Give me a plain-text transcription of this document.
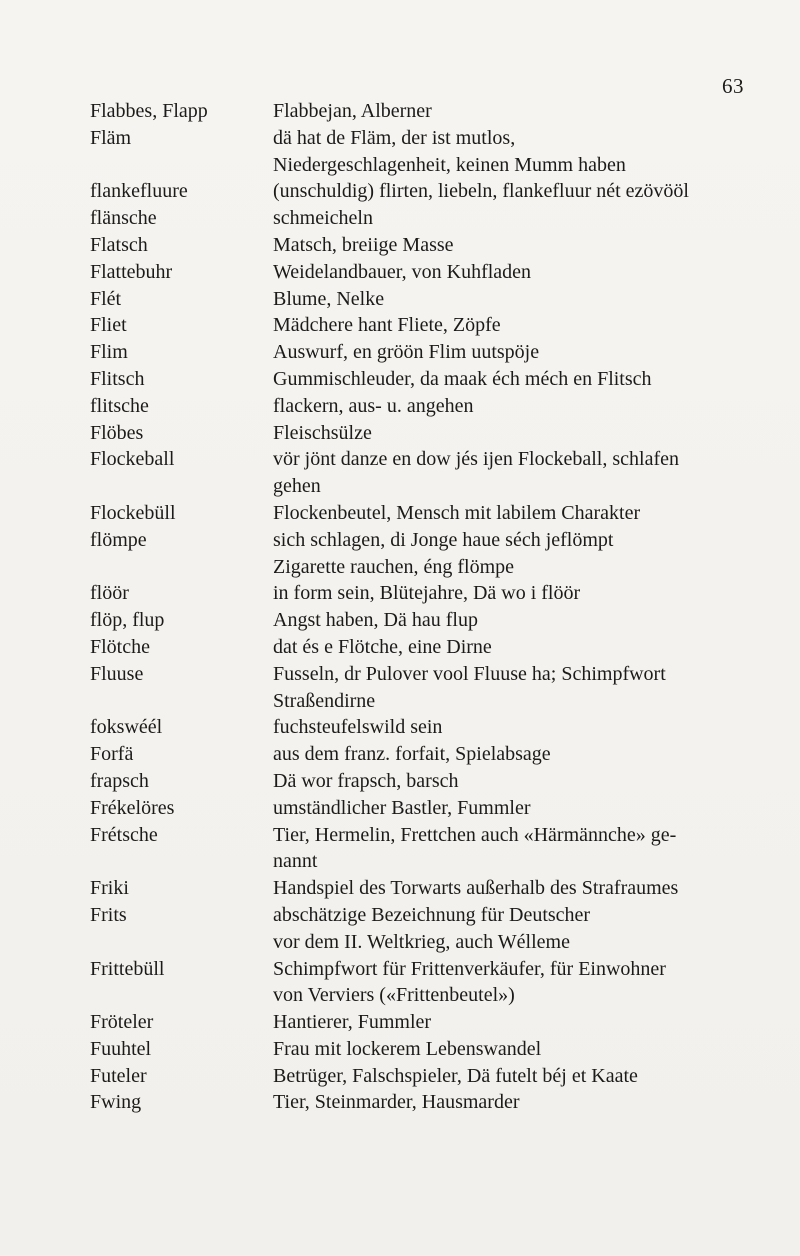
63
Flabbes, Flapp	Flabbejan, Alberner
Fläm	dä hat de Fläm, der ist mutlos,
Niedergeschlagenheit, keinen Mumm haben
flankefluure	(unschuldig) flirten, liebeln, flankefluur nét ezövööl
flänsche	schmeicheln
Flatsch	Matsch, breiige Masse
Flattebuhr	Weidelandbauer, von Kuhfladen
Flét	Blume, Nelke
Fliet	Mädchere hant Fliete, Zöpfe
Flim	Auswurf, en gröön Flim uutspöje
Flitsch	Gummischleuder, da maak éch méch en Flitsch
flitsche	flackern, aus- u. angehen
Flöbes	Fleischsülze
Flockeball	vör jönt danze en dow jés ijen Flockeball, schlafen
gehen
Flockebüll	Flockenbeutel, Mensch mit labilem Charakter
flömpe	sich schlagen, di Jonge haue séch jeflömpt
Zigarette rauchen, éng flömpe
flöör	in form sein, Blütejahre, Dä wo i flöör
flöp, flup	Angst haben, Dä hau flup
Flötche	dat és e Flötche, eine Dirne
Fluuse	Fusseln, dr Pulover vool Fluuse ha; Schimpfwort
Straßendirne
fokswéél	fuchsteufelswild sein
Forfä	aus dem franz. forfait, Spielabsage
frapsch	Dä wor frapsch, barsch
Frékelöres	umständlicher Bastler, Fummler
Frétsche	Tier, Hermelin, Frettchen auch «Härmännche» ge-
nannt
Friki	Handspiel des Torwarts außerhalb des Strafraumes
Frits	abschätzige Bezeichnung für Deutscher
vor dem II. Weltkrieg, auch Wélleme
Frittebüll	Schimpfwort für Frittenverkäufer, für Einwohner
von Verviers («Frittenbeutel»)
Fröteler	Hantierer, Fummler
Fuuhtel	Frau mit lockerem Lebenswandel
Futeler	Betrüger, Falschspieler, Dä futelt béj et Kaate
Fwing	Tier, Steinmarder, Hausmarder
